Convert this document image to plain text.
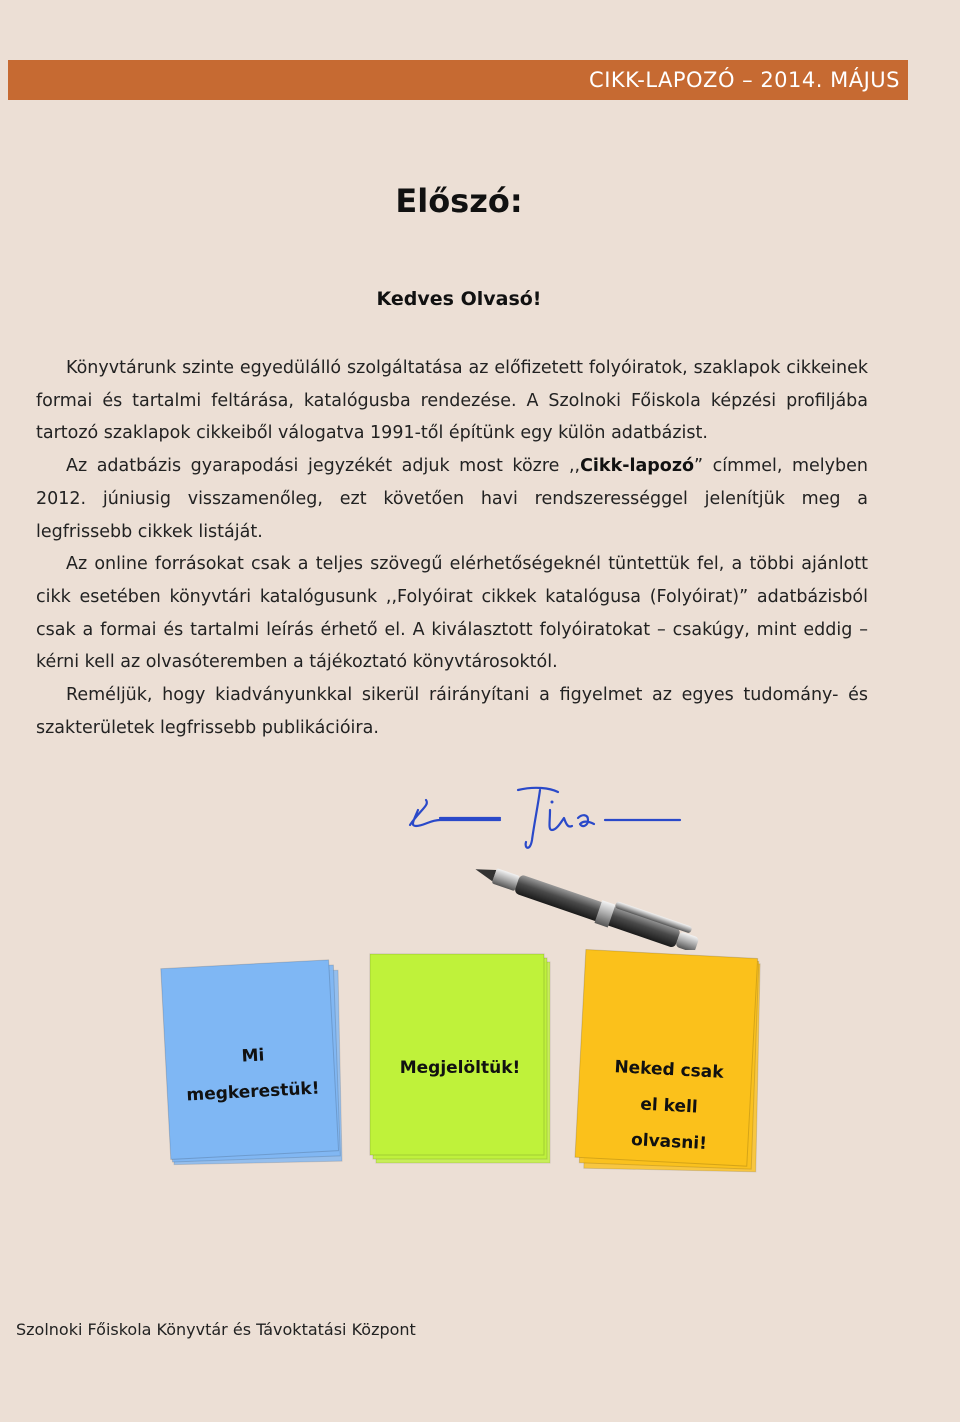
CIKK-LAPOZÓ – 2014. MÁJUS
Előszó:
Kedves Olvasó!

Könyvtárunk szinte egyedülálló szolgáltatása az előfizetett folyóiratok, szaklapok cikkeinek formai és tartalmi feltárása, katalógusba rendezése. A Szolnoki Főiskola képzési profiljába tartozó szaklapok cikkeiből válogatva 1991-től építünk egy külön adatbázist.

Az adatbázis gyarapodási jegyzékét adjuk most közre ,,Cikk-lapozó” címmel, melyben 2012. júniusig visszamenőleg, ezt követően havi rendszerességgel jelenítjük meg a legfrissebb cikkek listáját.

Az online forrásokat csak a teljes szövegű elérhetőségeknél tüntettük fel, a többi ajánlott cikk esetében könyvtári katalógusunk ,,Folyóirat cikkek katalógusa (Folyóirat)” adatbázisból csak a formai és tartalmi leírás érhető el. A kiválasztott folyóiratokat – csakúgy, mint eddig – kérni kell az olvasóteremben a tájékoztató könyvtárosoktól.

Reméljük, hogy kiadványunkkal sikerül ráirányítani a figyelmet az egyes tudomány- és szakterületek legfrissebb publikációira.

Mi
megkerestük!
Megjelöltük!	Neked csak
el kell
olvasni!
Szolnoki Főiskola Könyvtár és Távoktatási Központ
